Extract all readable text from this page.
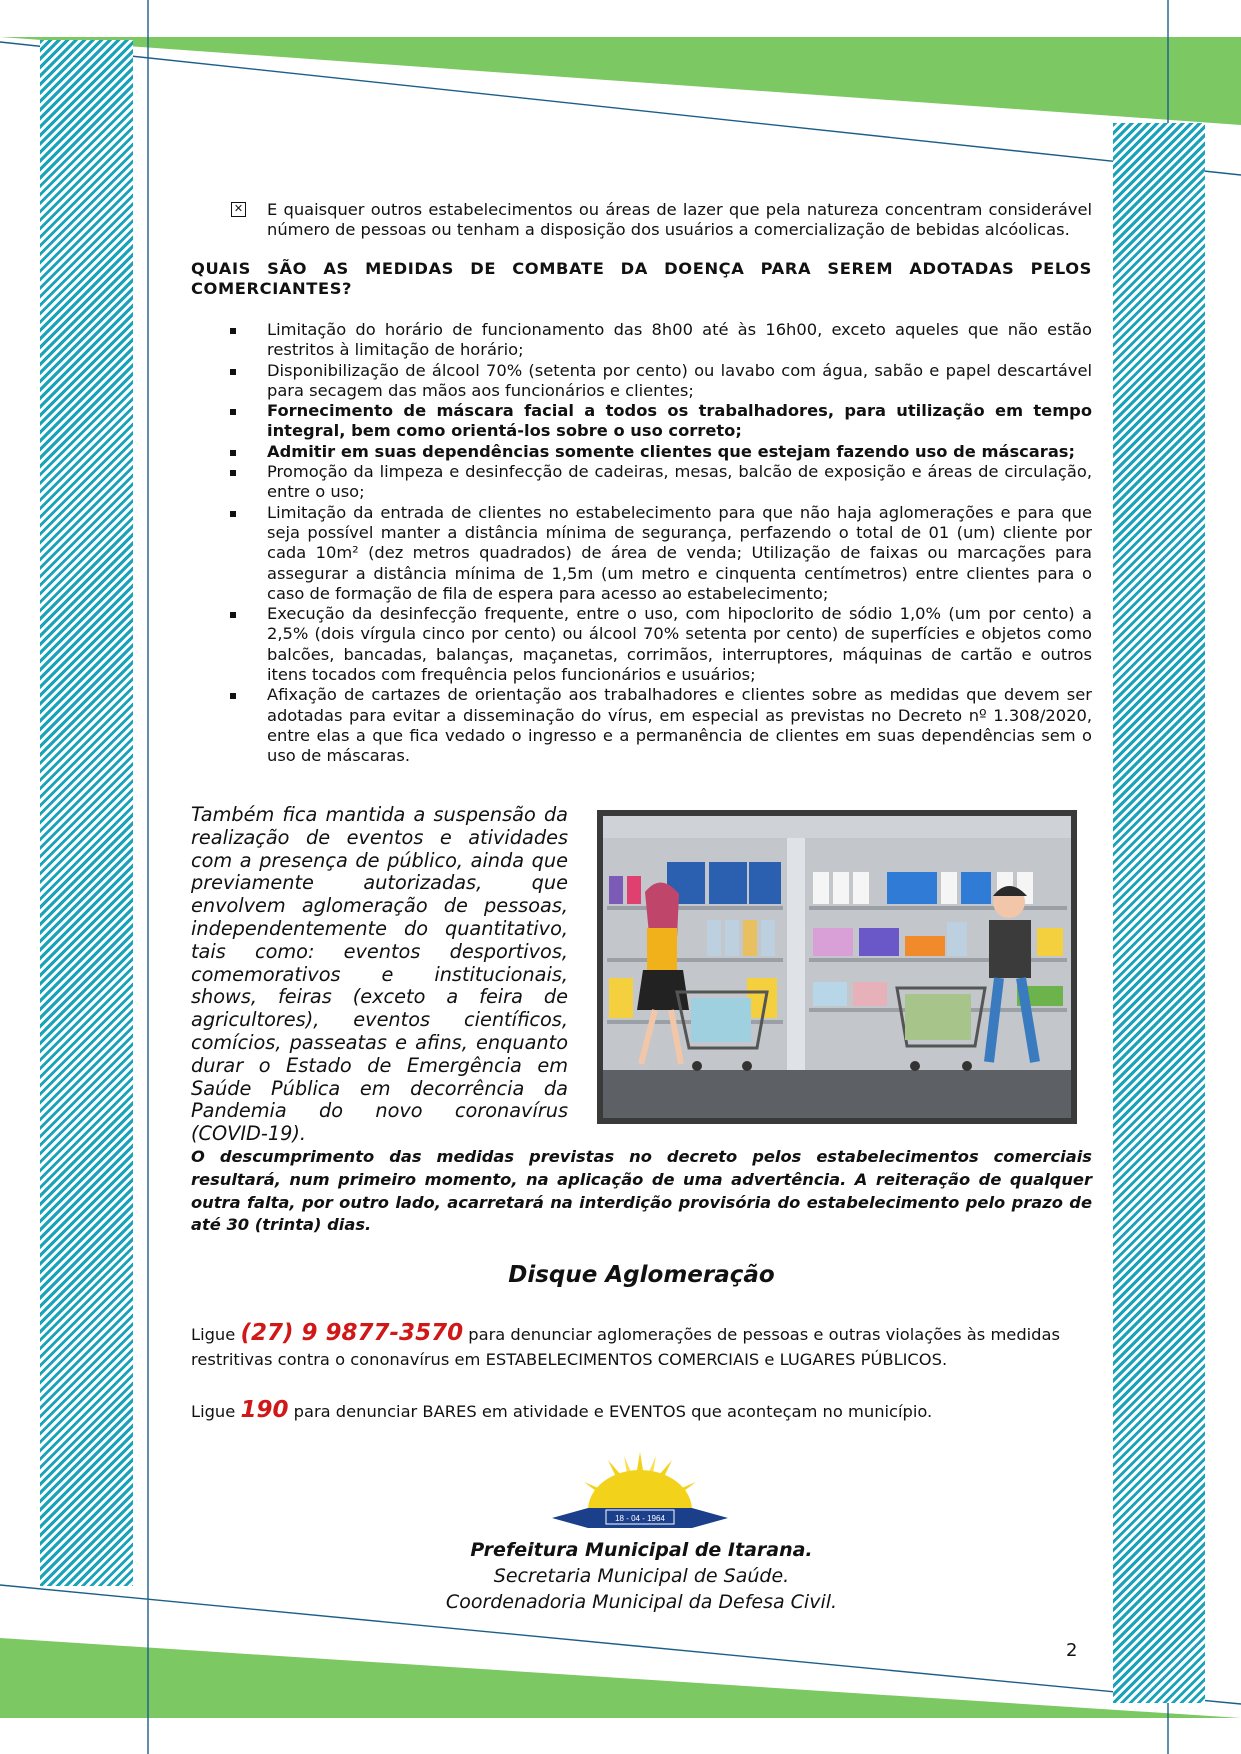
✕ E quaisquer outros estabelecimentos ou áreas de lazer que pela natureza concentram considerável número de pessoas ou tenham a disposição dos usuários a comercialização de bebidas alcóolicas.
QUAIS SÃO AS MEDIDAS DE COMBATE DA DOENÇA PARA SEREM ADOTADAS PELOS COMERCIANTES?
Limitação do horário de funcionamento das 8h00 até às 16h00, exceto aqueles que não estão restritos à limitação de horário;
Disponibilização de álcool 70% (setenta por cento) ou lavabo com água, sabão e papel descartável para secagem das mãos aos funcionários e clientes;
Fornecimento de máscara facial a todos os trabalhadores, para utilização em tempo integral, bem como orientá-los sobre o uso correto;
Admitir em suas dependências somente clientes que estejam fazendo uso de máscaras;
Promoção da limpeza e desinfecção de cadeiras, mesas, balcão de exposição e áreas de circulação, entre o uso;
Limitação da entrada de clientes no estabelecimento para que não haja aglomerações e para que seja possível manter a distância mínima de segurança, perfazendo o total de 01 (um) cliente por cada 10m² (dez metros quadrados) de área de venda; Utilização de faixas ou marcações para assegurar a distância mínima de 1,5m (um metro e cinquenta centímetros) entre clientes para o caso de formação de fila de espera para acesso ao estabelecimento;
Execução da desinfecção frequente, entre o uso, com hipoclorito de sódio 1,0% (um por cento) a 2,5% (dois vírgula cinco por cento) ou álcool 70% setenta por cento) de superfícies e objetos como balcões, bancadas, balanças, maçanetas, corrimãos, interruptores, máquinas de cartão e outros itens tocados com frequência pelos funcionários e usuários;
Afixação de cartazes de orientação aos trabalhadores e clientes sobre as medidas que devem ser adotadas para evitar a disseminação do vírus, em especial as previstas no Decreto nº 1.308/2020, entre elas a que fica vedado o ingresso e a permanência de clientes em suas dependências sem o uso de máscaras.
Também fica mantida a suspensão da realização de eventos e atividades com a presença de público, ainda que previamente autorizadas, que envolvem aglomeração de pessoas, independentemente do quantitativo, tais como: eventos desportivos, comemorativos e institucionais, shows, feiras (exceto a feira de agricultores), eventos científicos, comícios, passeatas e afins, enquanto durar o Estado de Emergência em Saúde Pública em decorrência da Pandemia do novo coronavírus (COVID-19).
O descumprimento das medidas previstas no decreto pelos estabelecimentos comerciais resultará, num primeiro momento, na aplicação de uma advertência. A reiteração de qualquer outra falta, por outro lado, acarretará na interdição provisória do estabelecimento pelo prazo de até 30 (trinta) dias.
Disque Aglomeração
Ligue (27) 9 9877-3570 para denunciar aglomerações de pessoas e outras violações às medidas restritivas contra o cononavírus em ESTABELECIMENTOS COMERCIAIS e LUGARES PÚBLICOS.
Ligue 190 para denunciar BARES em atividade e EVENTOS que aconteçam no município.
18 - 04 - 1964
Prefeitura Municipal de Itarana.
Secretaria Municipal de Saúde.
Coordenadoria Municipal da Defesa Civil.
2
